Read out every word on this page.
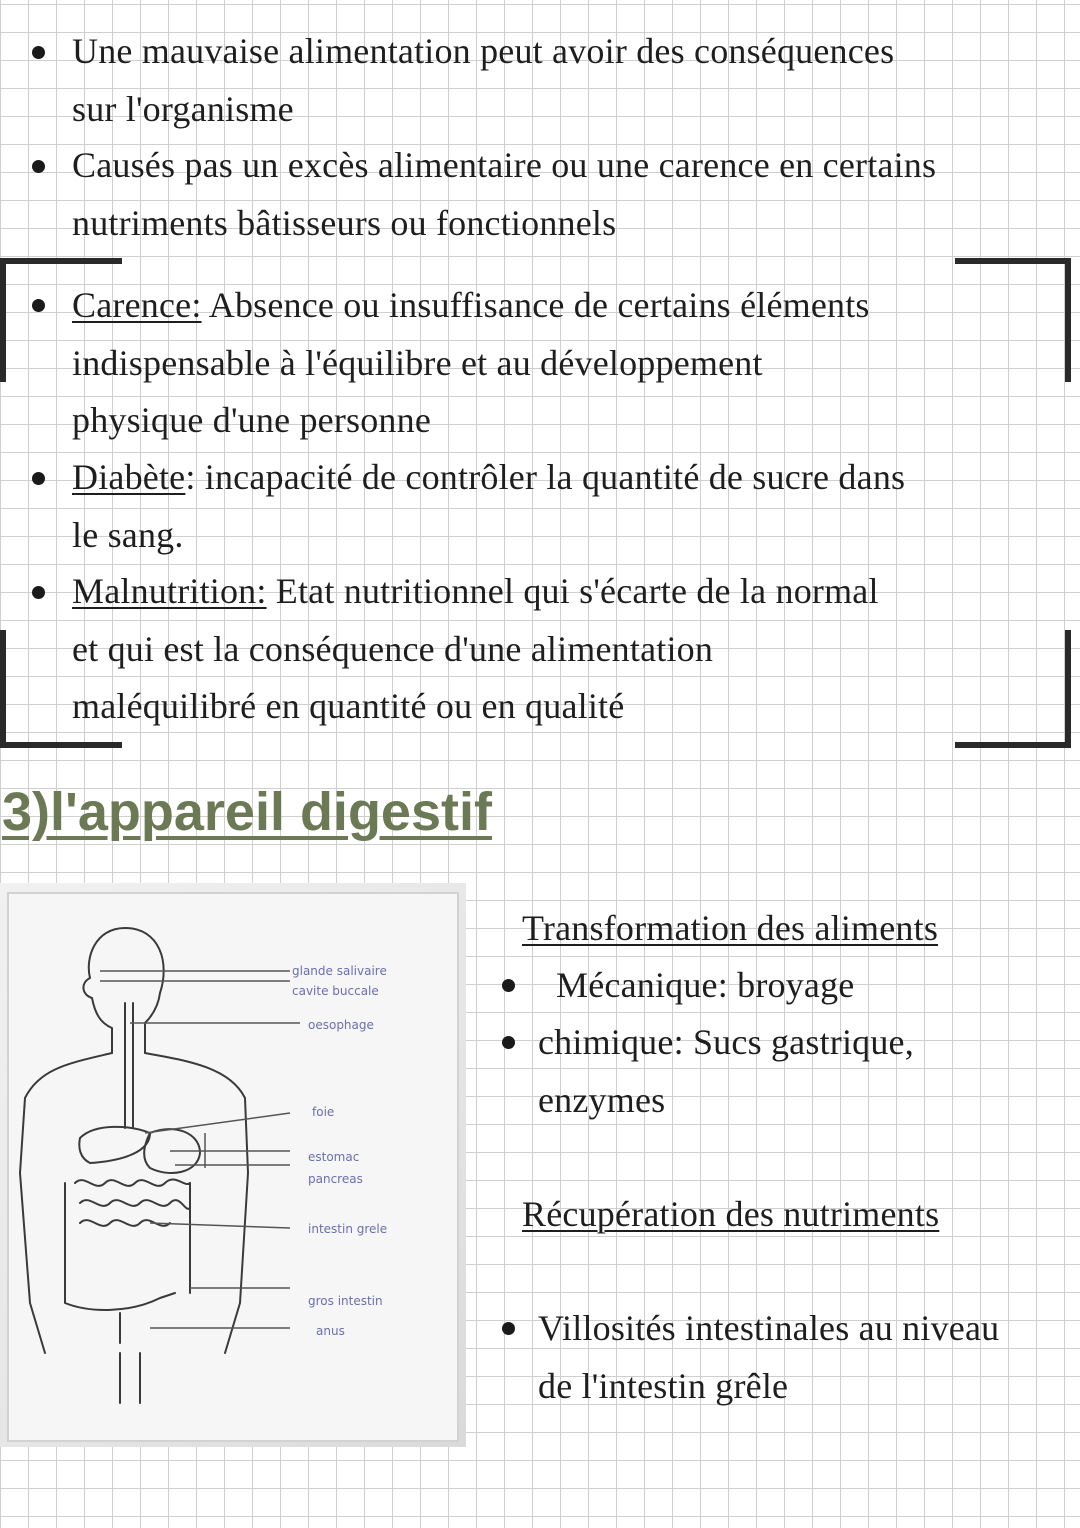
Une mauvaise alimentation peut avoir des conséquences
sur l'organisme
Causés pas un excès alimentaire ou une carence en certains
nutriments bâtisseurs ou fonctionnels
Carence: Absence ou insuffisance de certains éléments
indispensable à l'équilibre et au développement
physique d'une personne
Diabète: incapacité de contrôler la quantité de sucre dans
le sang.
Malnutrition: Etat nutritionnel qui s'écarte de la normal
et qui est la conséquence d'une alimentation
maléquilibré en quantité ou en qualité
3)l'appareil digestif
glande salivaire
cavite buccale
oesophage
foie
estomac
pancreas
intestin grele
gros intestin
anus
Transformation des aliments
Mécanique: broyage
chimique: Sucs gastrique,
enzymes
Récupération des nutriments
Villosités intestinales au niveau
de l'intestin grêle
